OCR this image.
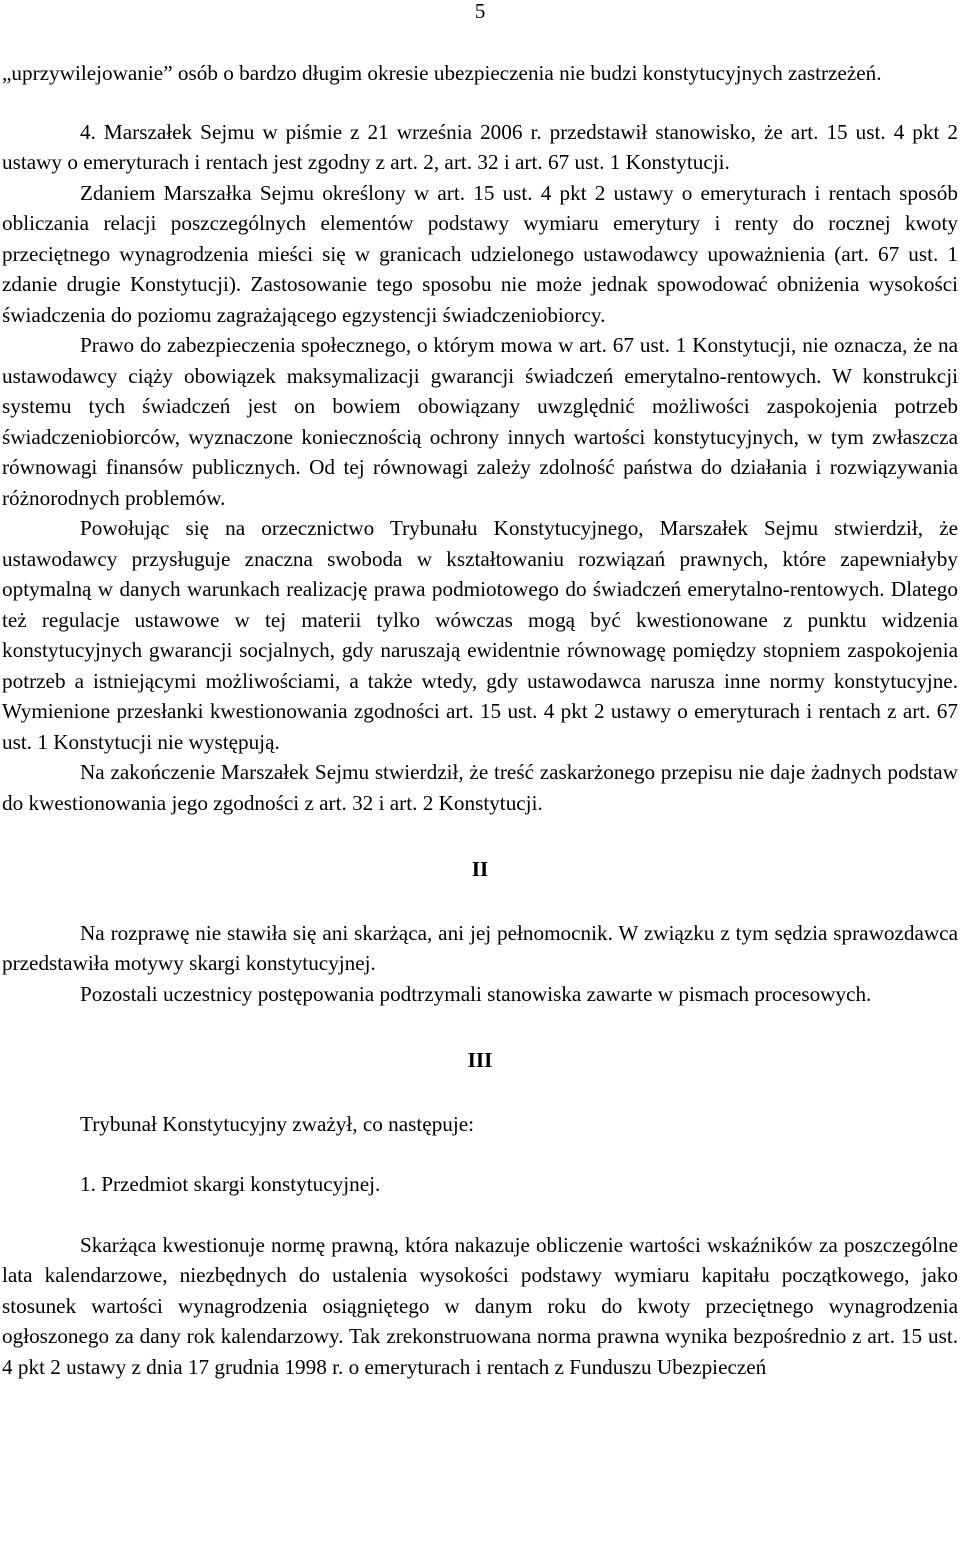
5

„uprzywilejowanie” osób o bardzo długim okresie ubezpieczenia nie budzi konstytucyjnych zastrzeżeń.

4. Marszałek Sejmu w piśmie z 21 września 2006 r. przedstawił stanowisko, że art. 15 ust. 4 pkt 2 ustawy o emeryturach i rentach jest zgodny z art. 2, art. 32 i art. 67 ust. 1 Konstytucji.

Zdaniem Marszałka Sejmu określony w art. 15 ust. 4 pkt 2 ustawy o emeryturach i rentach sposób obliczania relacji poszczególnych elementów podstawy wymiaru emerytury i renty do rocznej kwoty przeciętnego wynagrodzenia mieści się w granicach udzielonego ustawodawcy upoważnienia (art. 67 ust. 1 zdanie drugie Konstytucji). Zastosowanie tego sposobu nie może jednak spowodować obniżenia wysokości świadczenia do poziomu zagrażającego egzystencji świadczeniobiorcy.

Prawo do zabezpieczenia społecznego, o którym mowa w art. 67 ust. 1 Konstytucji, nie oznacza, że na ustawodawcy ciąży obowiązek maksymalizacji gwarancji świadczeń emerytalno-rentowych. W konstrukcji systemu tych świadczeń jest on bowiem obowiązany uwzględnić możliwości zaspokojenia potrzeb świadczeniobiorców, wyznaczone koniecznością ochrony innych wartości konstytucyjnych, w tym zwłaszcza równowagi finansów publicznych. Od tej równowagi zależy zdolność państwa do działania i rozwiązywania różnorodnych problemów.

Powołując się na orzecznictwo Trybunału Konstytucyjnego, Marszałek Sejmu stwierdził, że ustawodawcy przysługuje znaczna swoboda w kształtowaniu rozwiązań prawnych, które zapewniałyby optymalną w danych warunkach realizację prawa podmiotowego do świadczeń emerytalno-rentowych. Dlatego też regulacje ustawowe w tej materii tylko wówczas mogą być kwestionowane z punktu widzenia konstytucyjnych gwarancji socjalnych, gdy naruszają ewidentnie równowagę pomiędzy stopniem zaspokojenia potrzeb a istniejącymi możliwościami, a także wtedy, gdy ustawodawca narusza inne normy konstytucyjne. Wymienione przesłanki kwestionowania zgodności art. 15 ust. 4 pkt 2 ustawy o emeryturach i rentach z art. 67 ust. 1 Konstytucji nie występują.

Na zakończenie Marszałek Sejmu stwierdził, że treść zaskarżonego przepisu nie daje żadnych podstaw do kwestionowania jego zgodności z art. 32 i art. 2 Konstytucji.

II

Na rozprawę nie stawiła się ani skarżąca, ani jej pełnomocnik. W związku z tym sędzia sprawozdawca przedstawiła motywy skargi konstytucyjnej.

Pozostali uczestnicy postępowania podtrzymali stanowiska zawarte w pismach procesowych.

III

Trybunał Konstytucyjny zważył, co następuje:

1. Przedmiot skargi konstytucyjnej.

Skarżąca kwestionuje normę prawną, która nakazuje obliczenie wartości wskaźników za poszczególne lata kalendarzowe, niezbędnych do ustalenia wysokości podstawy wymiaru kapitału początkowego, jako stosunek wartości wynagrodzenia osiągniętego w danym roku do kwoty przeciętnego wynagrodzenia ogłoszonego za dany rok kalendarzowy. Tak zrekonstruowana norma prawna wynika bezpośrednio z art. 15 ust. 4 pkt 2 ustawy z dnia 17 grudnia 1998 r. o emeryturach i rentach z Funduszu Ubezpieczeń
